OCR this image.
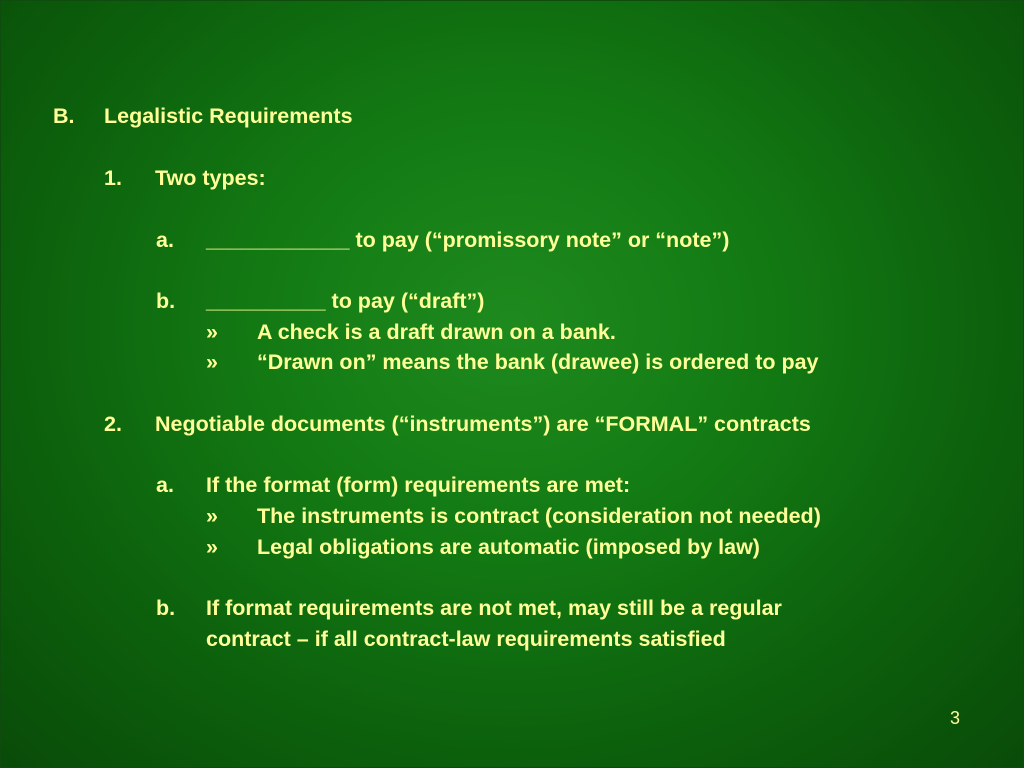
B. Legalistic Requirements
1. Two types:
a. ____________ to pay (“promissory note” or “note”)
b. __________ to pay (“draft”)
» A check is a draft drawn on a bank.
» “Drawn on” means the bank (drawee) is ordered to pay
2. Negotiable documents (“instruments”) are “FORMAL” contracts
a. If the format (form) requirements are met:
» The instruments is contract (consideration not needed)
» Legal obligations are automatic (imposed by law)
b. If format requirements are not met, may still be a regular
contract – if all contract-law requirements satisfied
3
